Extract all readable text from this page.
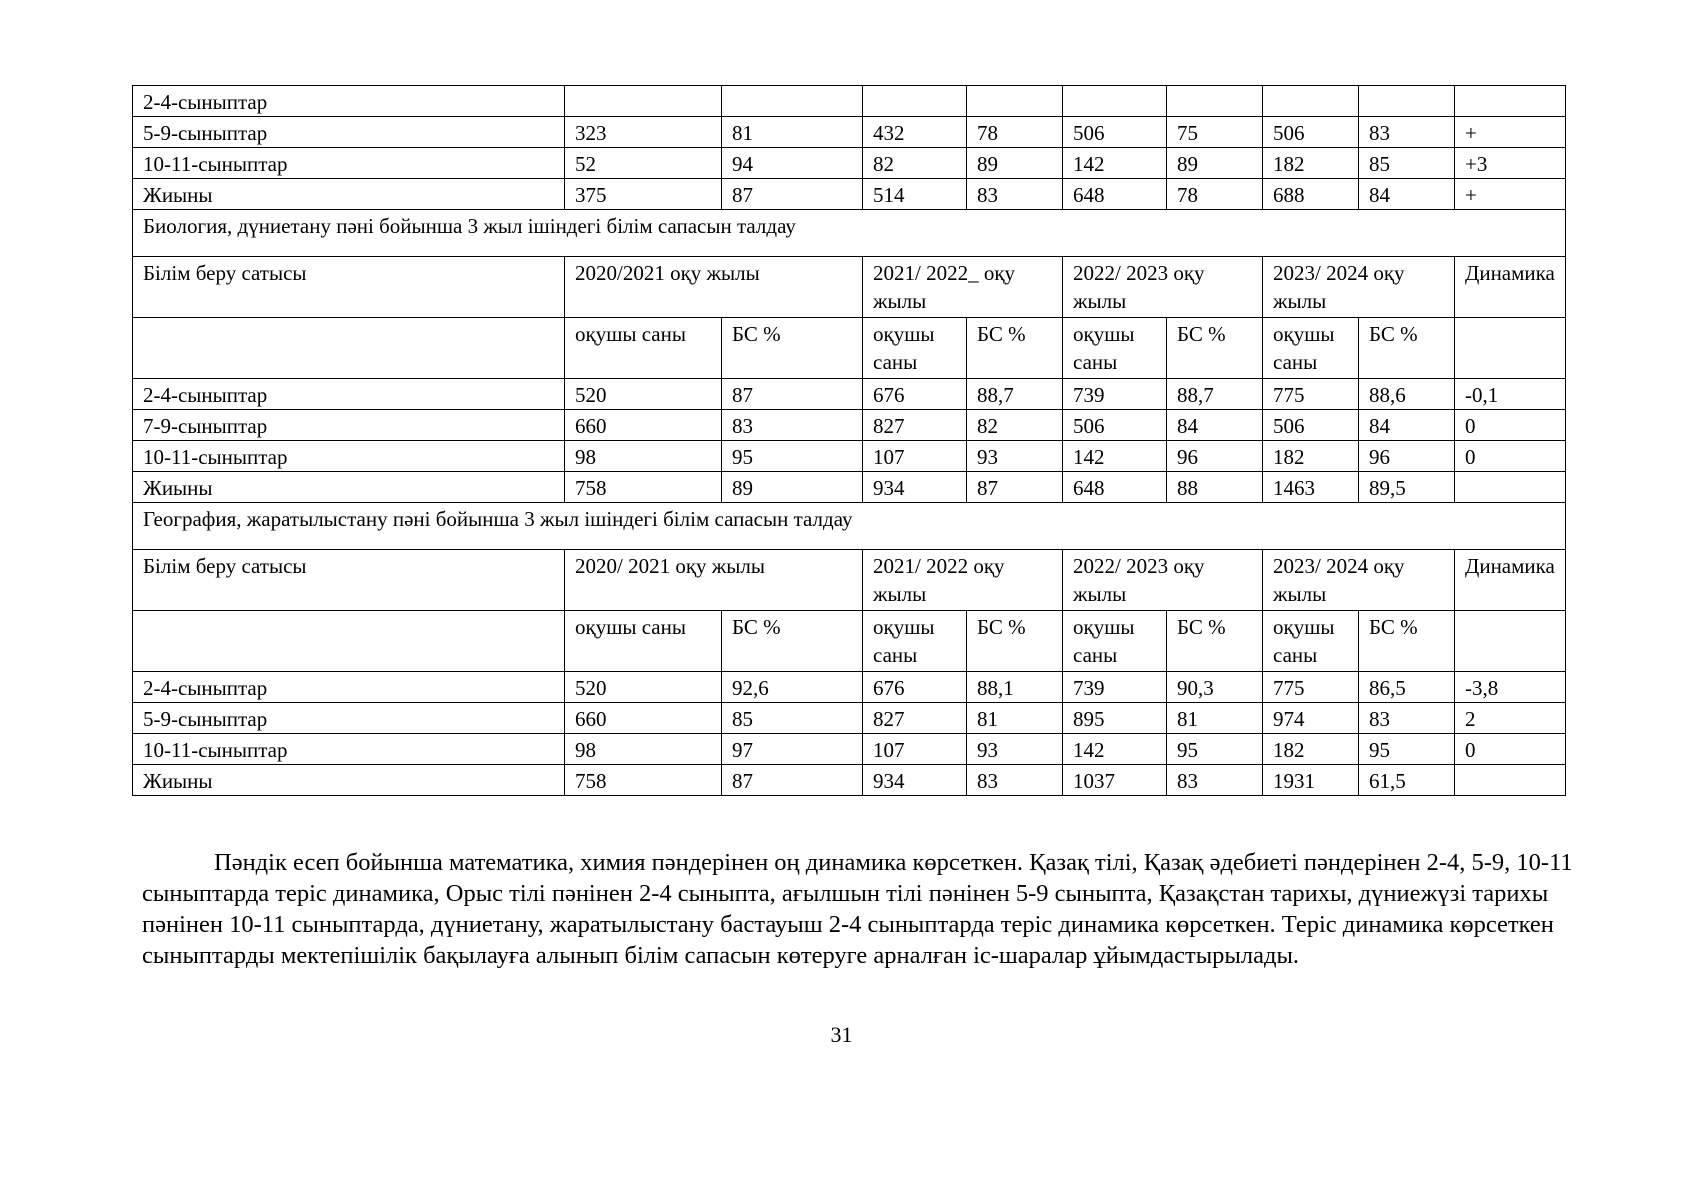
2-4-сыныптар									
5-9-сыныптар	323	81	432	78	506	75	506	83	+
10-11-сыныптар	52	94	82	89	142	89	182	85	+3
Жиыны	375	87	514	83	648	78	688	84	+
Биология, дүниетану пәні бойынша 3 жыл ішіндегі білім сапасын талдау									
Білім беру сатысы	2020/2021 оқу жылы		2021/ 2022_ оқу жылы		2022/ 2023 оқу жылы		2023/ 2024 оқу жылы		Динамика
	оқушы саны	БС %	оқушы саны	БС %	оқушы саны	БС %	оқушы саны	БС %	
2-4-сыныптар	520	87	676	88,7	739	88,7	775	88,6	-0,1
7-9-сыныптар	660	83	827	82	506	84	506	84	0
10-11-сыныптар	98	95	107	93	142	96	182	96	0
Жиыны	758	89	934	87	648	88	1463	89,5	
География, жаратылыстану пәні бойынша 3 жыл ішіндегі білім сапасын талдау									
Білім беру сатысы	2020/ 2021 оқу жылы		2021/ 2022 оқу жылы		2022/ 2023 оқу жылы		2023/ 2024 оқу жылы		Динамика
	оқушы саны	БС %	оқушы саны	БС %	оқушы саны	БС %	оқушы саны	БС %	
2-4-сыныптар	520	92,6	676	88,1	739	90,3	775	86,5	-3,8
5-9-сыныптар	660	85	827	81	895	81	974	83	2
10-11-сыныптар	98	97	107	93	142	95	182	95	0
Жиыны	758	87	934	83	1037	83	1931	61,5	

Пәндік есеп бойынша математика, химия пәндерінен оң динамика көрсеткен. Қазақ тілі, Қазақ әдебиеті пәндерінен 2-4, 5-9, 10-11 сыныптарда теріс динамика, Орыс тілі пәнінен 2-4 сыныпта, ағылшын тілі пәнінен 5-9 сыныпта, Қазақстан тарихы, дүниежүзі тарихы пәнінен 10-11 сыныптарда, дүниетану, жаратылыстану бастауыш 2-4 сыныптарда теріс динамика көрсеткен. Теріс динамика көрсеткен сыныптарды мектепішілік бақылауға алынып білім сапасын көтеруге арналған іс-шаралар ұйымдастырылады.

31
